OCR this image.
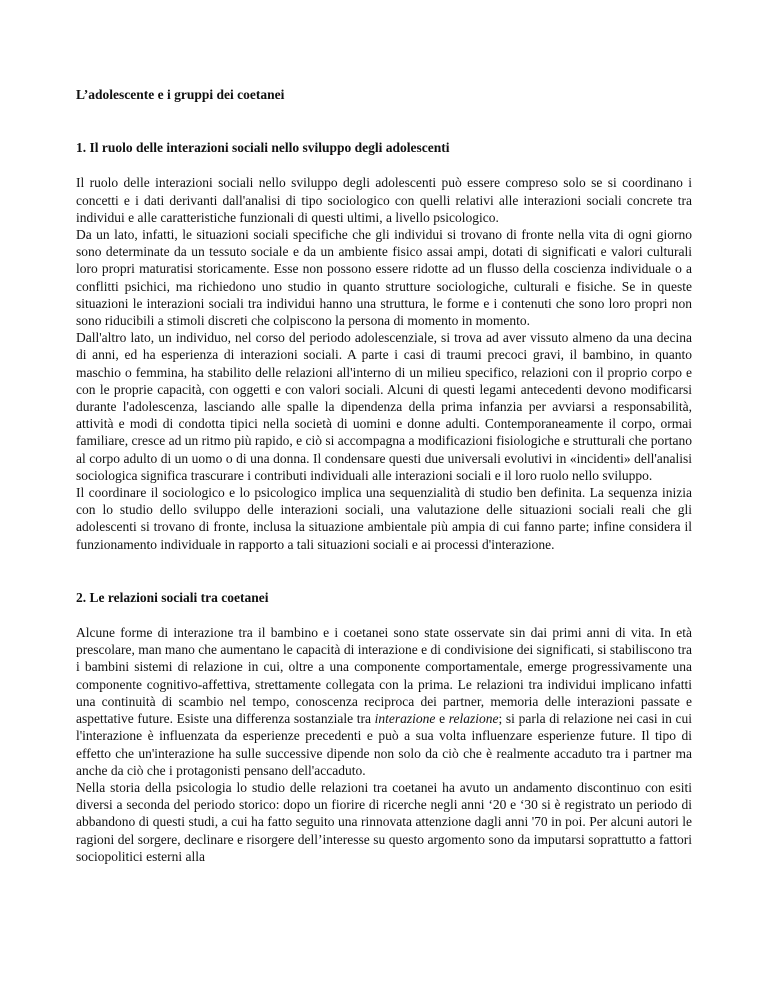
L’adolescente e i gruppi dei coetanei

1. Il ruolo delle interazioni sociali nello sviluppo degli adolescenti

Il ruolo delle interazioni sociali nello sviluppo degli adolescenti può essere compreso solo se si coordinano i concetti e i dati derivanti dall'analisi di tipo sociologico con quelli relativi alle interazioni sociali concrete tra individui e alle caratteristiche funzionali di questi ultimi, a livello psicologico.

Da un lato, infatti, le situazioni sociali specifiche che gli individui si trovano di fronte nella vita di ogni giorno sono determinate da un tessuto sociale e da un ambiente fisico assai ampi, dotati di significati e valori culturali loro propri maturatisi storicamente. Esse non possono essere ridotte ad un flusso della coscienza individuale o a conflitti psichici, ma richiedono uno studio in quanto strutture sociologiche, culturali e fisiche. Se in queste situazioni le interazioni sociali tra individui hanno una struttura, le forme e i contenuti che sono loro propri non sono riducibili a stimoli discreti che colpiscono la persona di momento in momento.

Dall'altro lato, un individuo, nel corso del periodo adolescenziale, si trova ad aver vissuto almeno da una decina di anni, ed ha esperienza di interazioni sociali. A parte i casi di traumi precoci gravi, il bambino, in quanto maschio o femmina, ha stabilito delle relazioni all'interno di un milieu specifico, relazioni con il proprio corpo e con le proprie capacità, con oggetti e con valori sociali. Alcuni di questi legami antecedenti devono modificarsi durante l'adolescenza, lasciando alle spalle la dipendenza della prima infanzia per avviarsi a responsabilità, attività e modi di condotta tipici nella società di uomini e donne adulti. Contemporaneamente il corpo, ormai familiare, cresce ad un ritmo più rapido, e ciò si accompagna a modificazioni fisiologiche e strutturali che portano al corpo adulto di un uomo o di una donna. Il condensare questi due universali evolutivi in «incidenti» dell'analisi sociologica significa trascurare i contributi individuali alle interazioni sociali e il loro ruolo nello sviluppo.

Il coordinare il sociologico e lo psicologico implica una sequenzialità di studio ben definita. La sequenza inizia con lo studio dello sviluppo delle interazioni sociali, una valutazione delle situazioni sociali reali che gli adolescenti si trovano di fronte, inclusa la situazione ambientale più ampia di cui fanno parte; infine considera il funzionamento individuale in rapporto a tali situazioni sociali e ai processi d'interazione.

2. Le relazioni sociali tra coetanei

Alcune forme di interazione tra il bambino e i coetanei sono state osservate sin dai primi anni di vita. In età prescolare, man mano che aumentano le capacità di interazione e di condivisione dei significati, si stabiliscono tra i bambini sistemi di relazione in cui, oltre a una componente comportamentale, emerge progressivamente una componente cognitivo-affettiva, strettamente collegata con la prima. Le relazioni tra individui implicano infatti una continuità di scambio nel tempo, conoscenza reciproca dei partner, memoria delle interazioni passate e aspettative future. Esiste una differenza sostanziale tra interazione e relazione; si parla di relazione nei casi in cui l'interazione è influenzata da esperienze precedenti e può a sua volta influenzare esperienze future. Il tipo di effetto che un'interazione ha sulle successive dipende non solo da ciò che è realmente accaduto tra i partner ma anche da ciò che i protagonisti pensano dell'accaduto.

Nella storia della psicologia lo studio delle relazioni tra coetanei ha avuto un andamento discontinuo con esiti diversi a seconda del periodo storico: dopo un fiorire di ricerche negli anni ‘20 e ‘30 si è registrato un periodo di abbandono di questi studi, a cui ha fatto seguito una rinnovata attenzione dagli anni '70 in poi. Per alcuni autori le ragioni del sorgere, declinare e risorgere dell’interesse su questo argomento sono da imputarsi soprattutto a fattori sociopolitici esterni alla
